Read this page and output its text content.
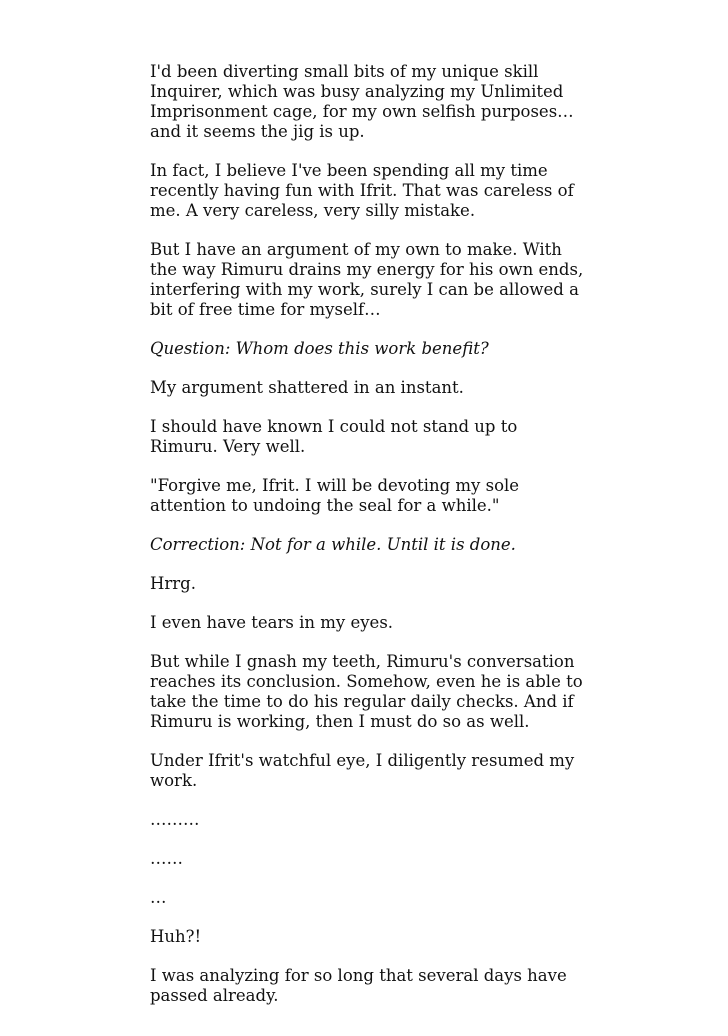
I'd been diverting small bits of my unique skill Inquirer, which was busy analyzing my Unlimited Imprisonment cage, for my own selfish purposes…and it seems the jig is up.

In fact, I believe I've been spending all my time recently having fun with Ifrit. That was careless of me. A very careless, very silly mistake.

But I have an argument of my own to make. With the way Rimuru drains my energy for his own ends, interfering with my work, surely I can be allowed a bit of free time for myself…

Question: Whom does this work benefit?

My argument shattered in an instant.

I should have known I could not stand up to Rimuru. Very well.

"Forgive me, Ifrit. I will be devoting my sole attention to undoing the seal for a while."

Correction: Not for a while. Until it is done.

Hrrg.

I even have tears in my eyes.

But while I gnash my teeth, Rimuru's conversation reaches its conclusion. Somehow, even he is able to take the time to do his regular daily checks. And if Rimuru is working, then I must do so as well.

Under Ifrit's watchful eye, I diligently resumed my work.

………

……

…

Huh?!

I was analyzing for so long that several days have passed already.
